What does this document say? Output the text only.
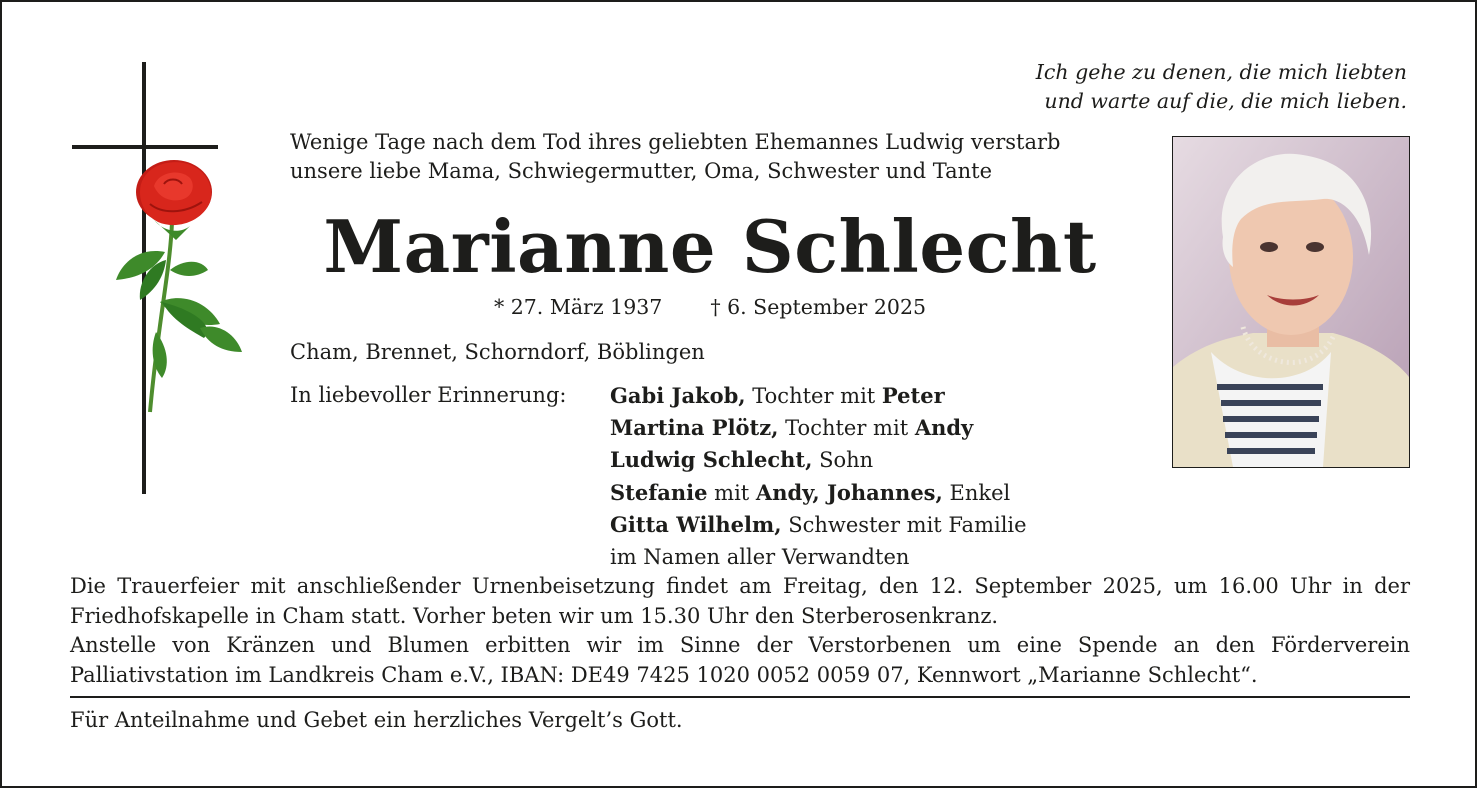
Ich gehe zu denen, die mich liebten
und warte auf die, die mich lieben.
Wenige Tage nach dem Tod ihres geliebten Ehemannes Ludwig verstarb
unsere liebe Mama, Schwiegermutter, Oma, Schwester und Tante
Marianne Schlecht
* 27. März 1937 † 6. September 2025
Cham, Brennet, Schorndorf, Böblingen
In liebevoller Erinnerung: Gabi Jakob, Tochter mit Peter
Martina Plötz, Tochter mit Andy
Ludwig Schlecht, Sohn
Stefanie mit Andy, Johannes, Enkel
Gitta Wilhelm, Schwester mit Familie
im Namen aller Verwandten

Die Trauerfeier mit anschließender Urnenbeisetzung findet am Freitag, den 12. September 2025, um 16.00 Uhr in der Friedhofskapelle in Cham statt. Vorher beten wir um 15.30 Uhr den Sterberosenkranz.

Anstelle von Kränzen und Blumen erbitten wir im Sinne der Verstorbenen um eine Spende an den Förderverein Palliativstation im Landkreis Cham e.V., IBAN: DE49 7425 1020 0052 0059 07, Kennwort „Marianne Schlecht“.

Für Anteilnahme und Gebet ein herzliches Vergelt’s Gott.
